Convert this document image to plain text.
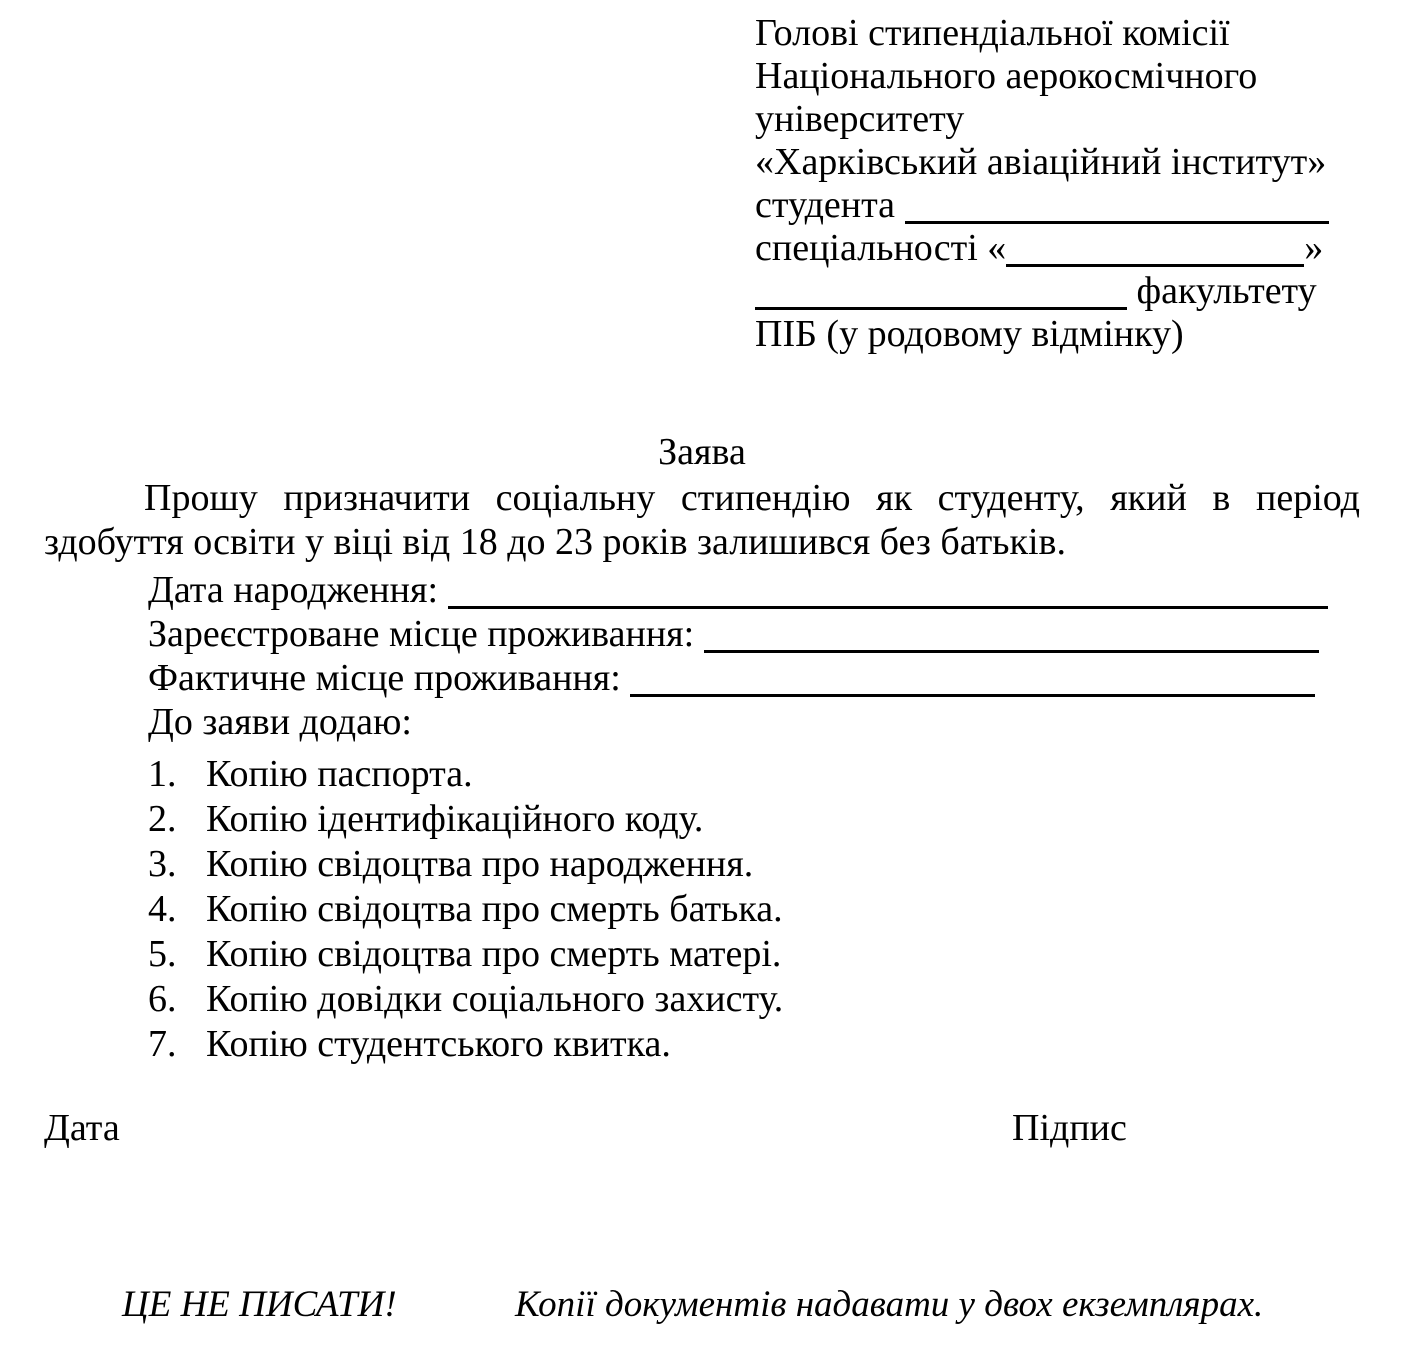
Голові стипендіальної комісії
Національного аерокосмічного
університету
«Харківський авіаційний інститут»
студента
спеціальності «	»
факультету
ПІБ (у родовому відмінку)
Заява
Прошу призначити соціальну стипендію як студенту, який в період
здобуття освіти у віці від 18 до 23 років залишився без батьків.
Дата народження:
Зареєстроване місце проживання:
Фактичне місце проживання:
До заяви додаю:
1. Копію паспорта.
2. Копію ідентифікаційного коду.
3. Копію свідоцтва про народження.
4. Копію свідоцтва про смерть батька.
5. Копію свідоцтва про смерть матері.
6. Копію довідки соціального захисту.
7. Копію студентського квитка.
Дата	Підпис
ЦЕ НЕ ПИСАТИ!	Копії документів надавати у двох екземплярах.
